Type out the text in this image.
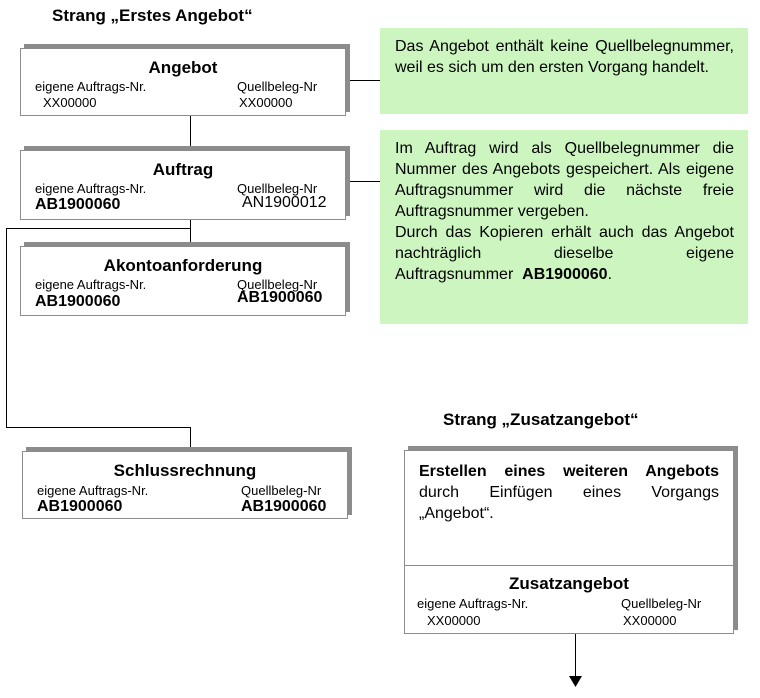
Strang „Erstes Angebot“
Strang „Zusatzangebot“
Angebot
eigene Auftrags-Nr.	Quellbeleg-Nr
XX00000	XX00000
Auftrag
eigene Auftrags-Nr.	Quellbeleg-Nr
AB1900060	AN1900012
Akontoanforderung
eigene Auftrags-Nr.	Quellbeleg-Nr
AB1900060	AB1900060
Schlussrechnung
eigene Auftrags-Nr.	Quellbeleg-Nr
AB1900060	AB1900060

Das Angebot enthält keine Quellbelegnummer, weil es sich um den ersten Vorgang handelt.

Im Auftrag wird als Quellbelegnummer die Nummer des Angebots gespeichert. Als eigene Auftragsnummer wird die nächste freie Auftragsnummer vergeben.

Durch das Kopieren erhält auch das Angebot nachträglich dieselbe eigene Auftragsnummer AB1900060.

Erstellen eines weiteren Angebots durch Einfügen eines Vorgangs „Angebot“.
Zusatzangebot
eigene Auftrags-Nr.	Quellbeleg-Nr
XX00000	XX00000
